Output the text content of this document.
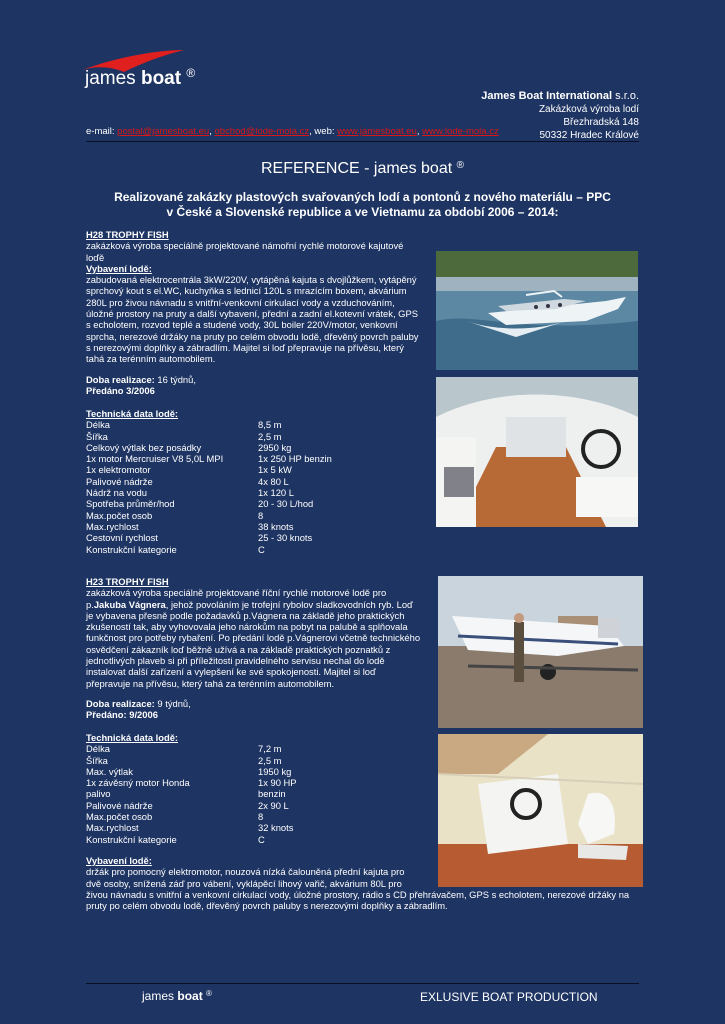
james boat ®
James Boat International s.r.o.
Zakázková výroba lodí
Březhradská 148
50332 Hradec Králové
e-mail: postal@jamesboat.eu, obchod@lode-mola.cz, web: www.jamesboat.eu, www.lode-mola.cz
REFERENCE - james boat ®
Realizované zakázky plastových svařovaných lodí a pontonů z nového materiálu – PPC
v České a Slovenské republice a ve Vietnamu za období 2006 – 2014:
H28 TROPHY FISH
zakázková výroba speciálně projektované námořní rychlé motorové kajutové loďě
Vybavení lodě:
zabudovaná elektrocentrála 3kW/220V, vytápěná kajuta s dvojlůžkem, vytápěný sprchový kout s el.WC, kuchyňka s lednicí 120L s mrazícím boxem, akvárium 280L pro živou návnadu s vnitřní-venkovní cirkulací vody a vzduchováním, úložné prostory na pruty a další vybavení, přední a zadní el.kotevní vrátek, GPS s echolotem, rozvod teplé a studené vody, 30L boiler 220V/motor, venkovní sprcha, nerezové držáky na pruty po celém obvodu lodě, dřevěný povrch paluby s nerezovými doplňky a zábradlím. Majitel si loď přepravuje na přívěsu, který tahá za terénním automobilem.
Doba realizace: 16 týdnů,
Předáno 3/2006
Technická data lodě:
Délka	8,5 m
Šířka	2,5 m
Celkový výtlak bez posádky	2950 kg
1x motor Mercruiser V8 5,0L MPI	1x 250 HP benzin
1x elektromotor	1x 5 kW
Palivové nádrže	4x 80 L
Nádrž na vodu	1x 120 L
Spotřeba průměr/hod	20 - 30 L/hod
Max.počet osob	8
Max.rychlost	38 knots
Cestovní rychlost	25 - 30 knots
Konstrukční kategorie	C
H23 TROPHY FISH
zakázková výroba speciálně projektované říční rychlé motorové lodě pro p.Jakuba Vágnera, jehož povoláním je trofejní rybolov sladkovodních ryb. Loď je vybavena přesně podle požadavků p.Vágnera na základě jeho praktických zkušeností tak, aby vyhovovala jeho nárokům na pobyt na palubě a splňovala funkčnost pro potřeby rybaření. Po předání lodě p.Vágnerovi včetně technického osvědčení zákazník loď běžně užívá a na základě praktických poznatků z jednotlivých plaveb si při příležitosti pravidelného servisu nechal do lodě instalovat další zařízení a vylepšení ke své spokojenosti. Majitel si loď přepravuje na přívěsu, který tahá za terénním automobilem.
Doba realizace: 9 týdnů,
Předáno: 9/2006
Technická data lodě:
Délka	7,2 m
Šířka	2,5 m
Max. výtlak	1950 kg
1x závěsný motor Honda	1x 90 HP
palivo	benzin
Palivové nádrže	2x 90 L
Max.počet osob	8
Max.rychlost	32 knots
Konstrukční kategorie	C
Vybavení lodě:
držák pro pomocný elektromotor, nouzová nízká čalouněná přední kajuta pro dvě osoby, snížená záď pro vábení, vyklápěcí lihový vařič, akvárium 80L pro
živou návnadu s vnitřní a venkovní cirkulací vody, úložné prostory, rádio s CD přehrávačem, GPS s echolotem, nerezové držáky na pruty po celém obvodu lodě, dřevěný povrch paluby s nerezovými doplňky a zábradlím.
james boat ®	EXLUSIVE BOAT PRODUCTION
